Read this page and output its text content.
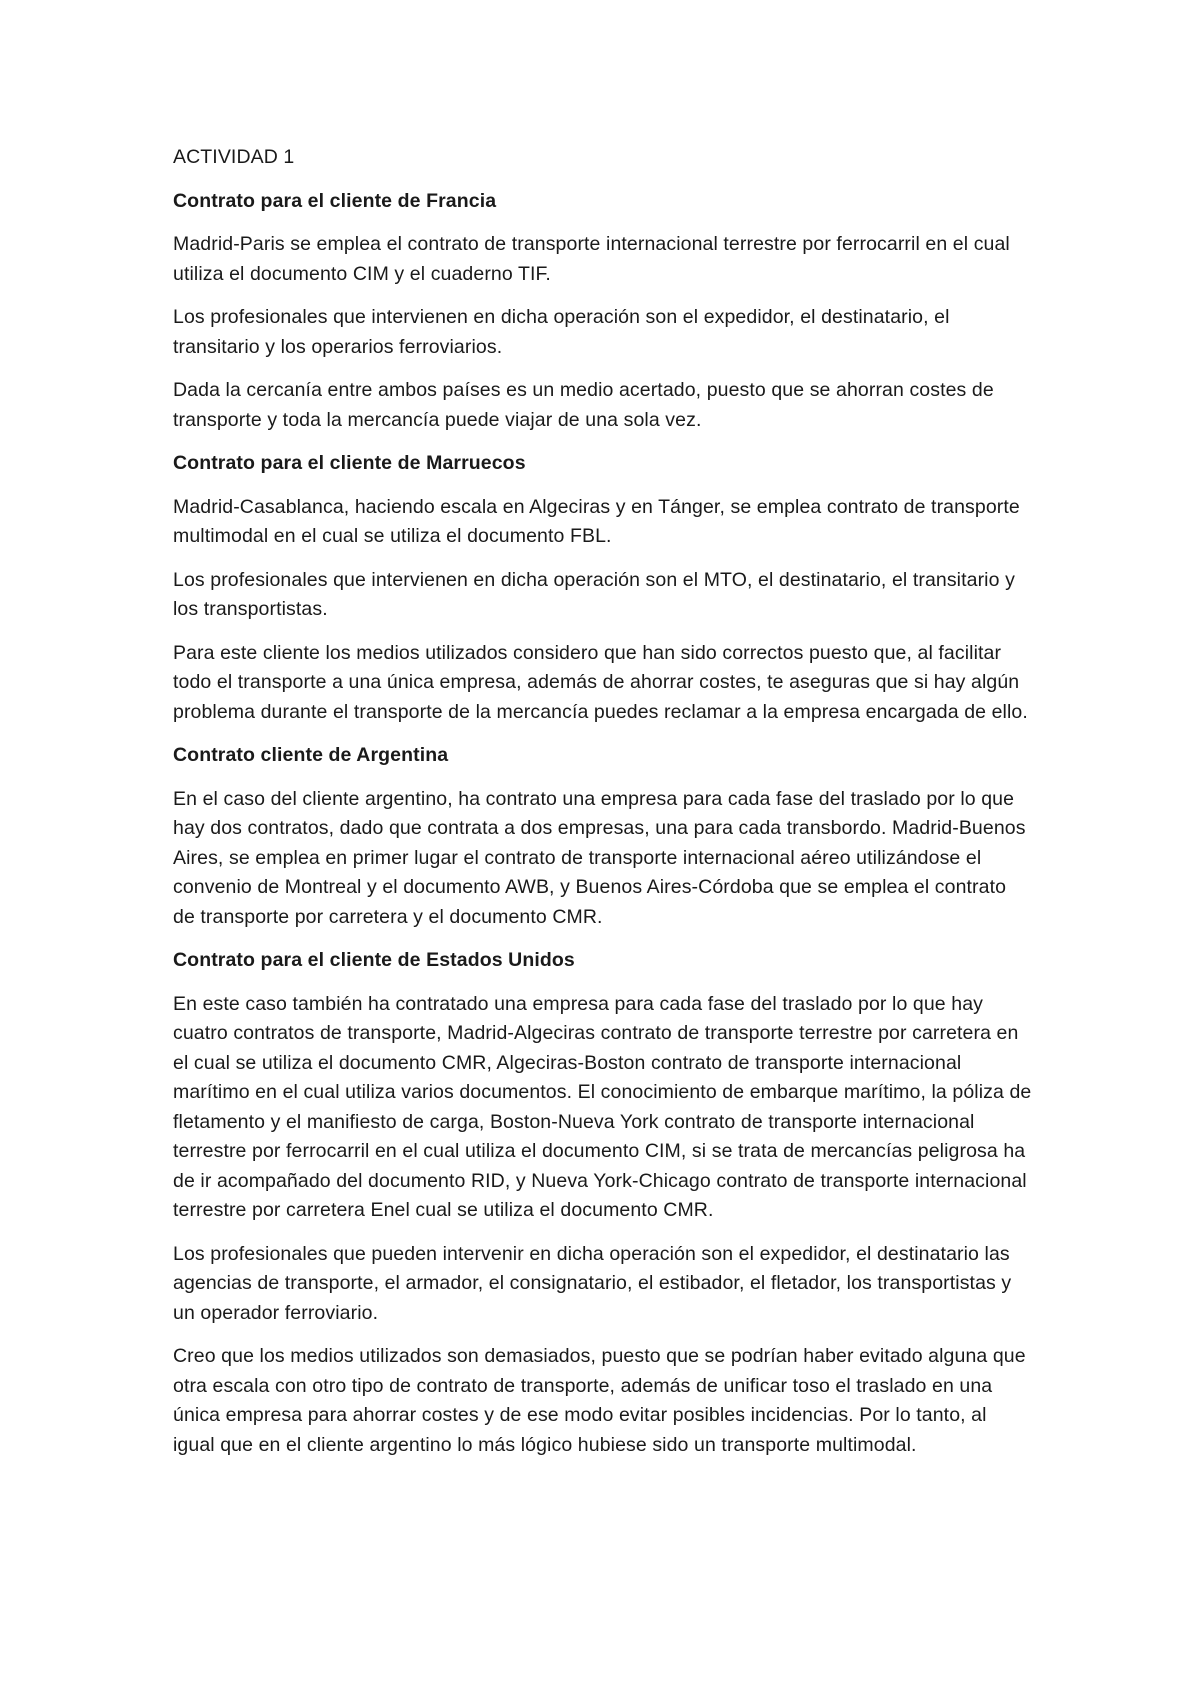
ACTIVIDAD 1

Contrato para el cliente de Francia

Madrid-Paris se emplea el contrato de transporte internacional terrestre por ferrocarril en el cual utiliza el documento CIM y el cuaderno TIF.

Los profesionales que intervienen en dicha operación son el expedidor, el destinatario, el transitario y los operarios ferroviarios.

Dada la cercanía entre ambos países es un medio acertado, puesto que se ahorran costes de transporte y toda la mercancía puede viajar de una sola vez.

Contrato para el cliente de Marruecos

Madrid-Casablanca, haciendo escala en Algeciras y en Tánger, se emplea contrato de transporte multimodal en el cual se utiliza el documento FBL.

Los profesionales que intervienen en dicha operación son el MTO, el destinatario, el transitario y los transportistas.

Para este cliente los medios utilizados considero que han sido correctos puesto que, al facilitar todo el transporte a una única empresa, además de ahorrar costes, te aseguras que si hay algún problema durante el transporte de la mercancía puedes reclamar a la empresa encargada de ello.

Contrato cliente de Argentina

En el caso del cliente argentino, ha contrato una empresa para cada fase del traslado por lo que hay dos contratos, dado que contrata a dos empresas, una para cada transbordo. Madrid-Buenos Aires, se emplea en primer lugar el contrato de transporte internacional aéreo utilizándose el convenio de Montreal y el documento AWB, y Buenos Aires-Córdoba que se emplea el contrato de transporte por carretera y el documento CMR.

Contrato para el cliente de Estados Unidos

En este caso también ha contratado una empresa para cada fase del traslado por lo que hay cuatro contratos de transporte, Madrid-Algeciras contrato de transporte terrestre por carretera en el cual se utiliza el documento CMR, Algeciras-Boston contrato de transporte internacional marítimo en el cual utiliza varios documentos. El conocimiento de embarque marítimo, la póliza de fletamento y el manifiesto de carga, Boston-Nueva York contrato de transporte internacional terrestre por ferrocarril en el cual utiliza el documento CIM, si se trata de mercancías peligrosa ha de ir acompañado del documento RID, y Nueva York-Chicago contrato de transporte internacional terrestre por carretera Enel cual se utiliza el documento CMR.

Los profesionales que pueden intervenir en dicha operación son el expedidor, el destinatario las agencias de transporte, el armador, el consignatario, el estibador, el fletador, los transportistas y un operador ferroviario.

Creo que los medios utilizados son demasiados, puesto que se podrían haber evitado alguna que otra escala con otro tipo de contrato de transporte, además de unificar toso el traslado en una única empresa para ahorrar costes y de ese modo evitar posibles incidencias. Por lo tanto, al igual que en el cliente argentino lo más lógico hubiese sido un transporte multimodal.
